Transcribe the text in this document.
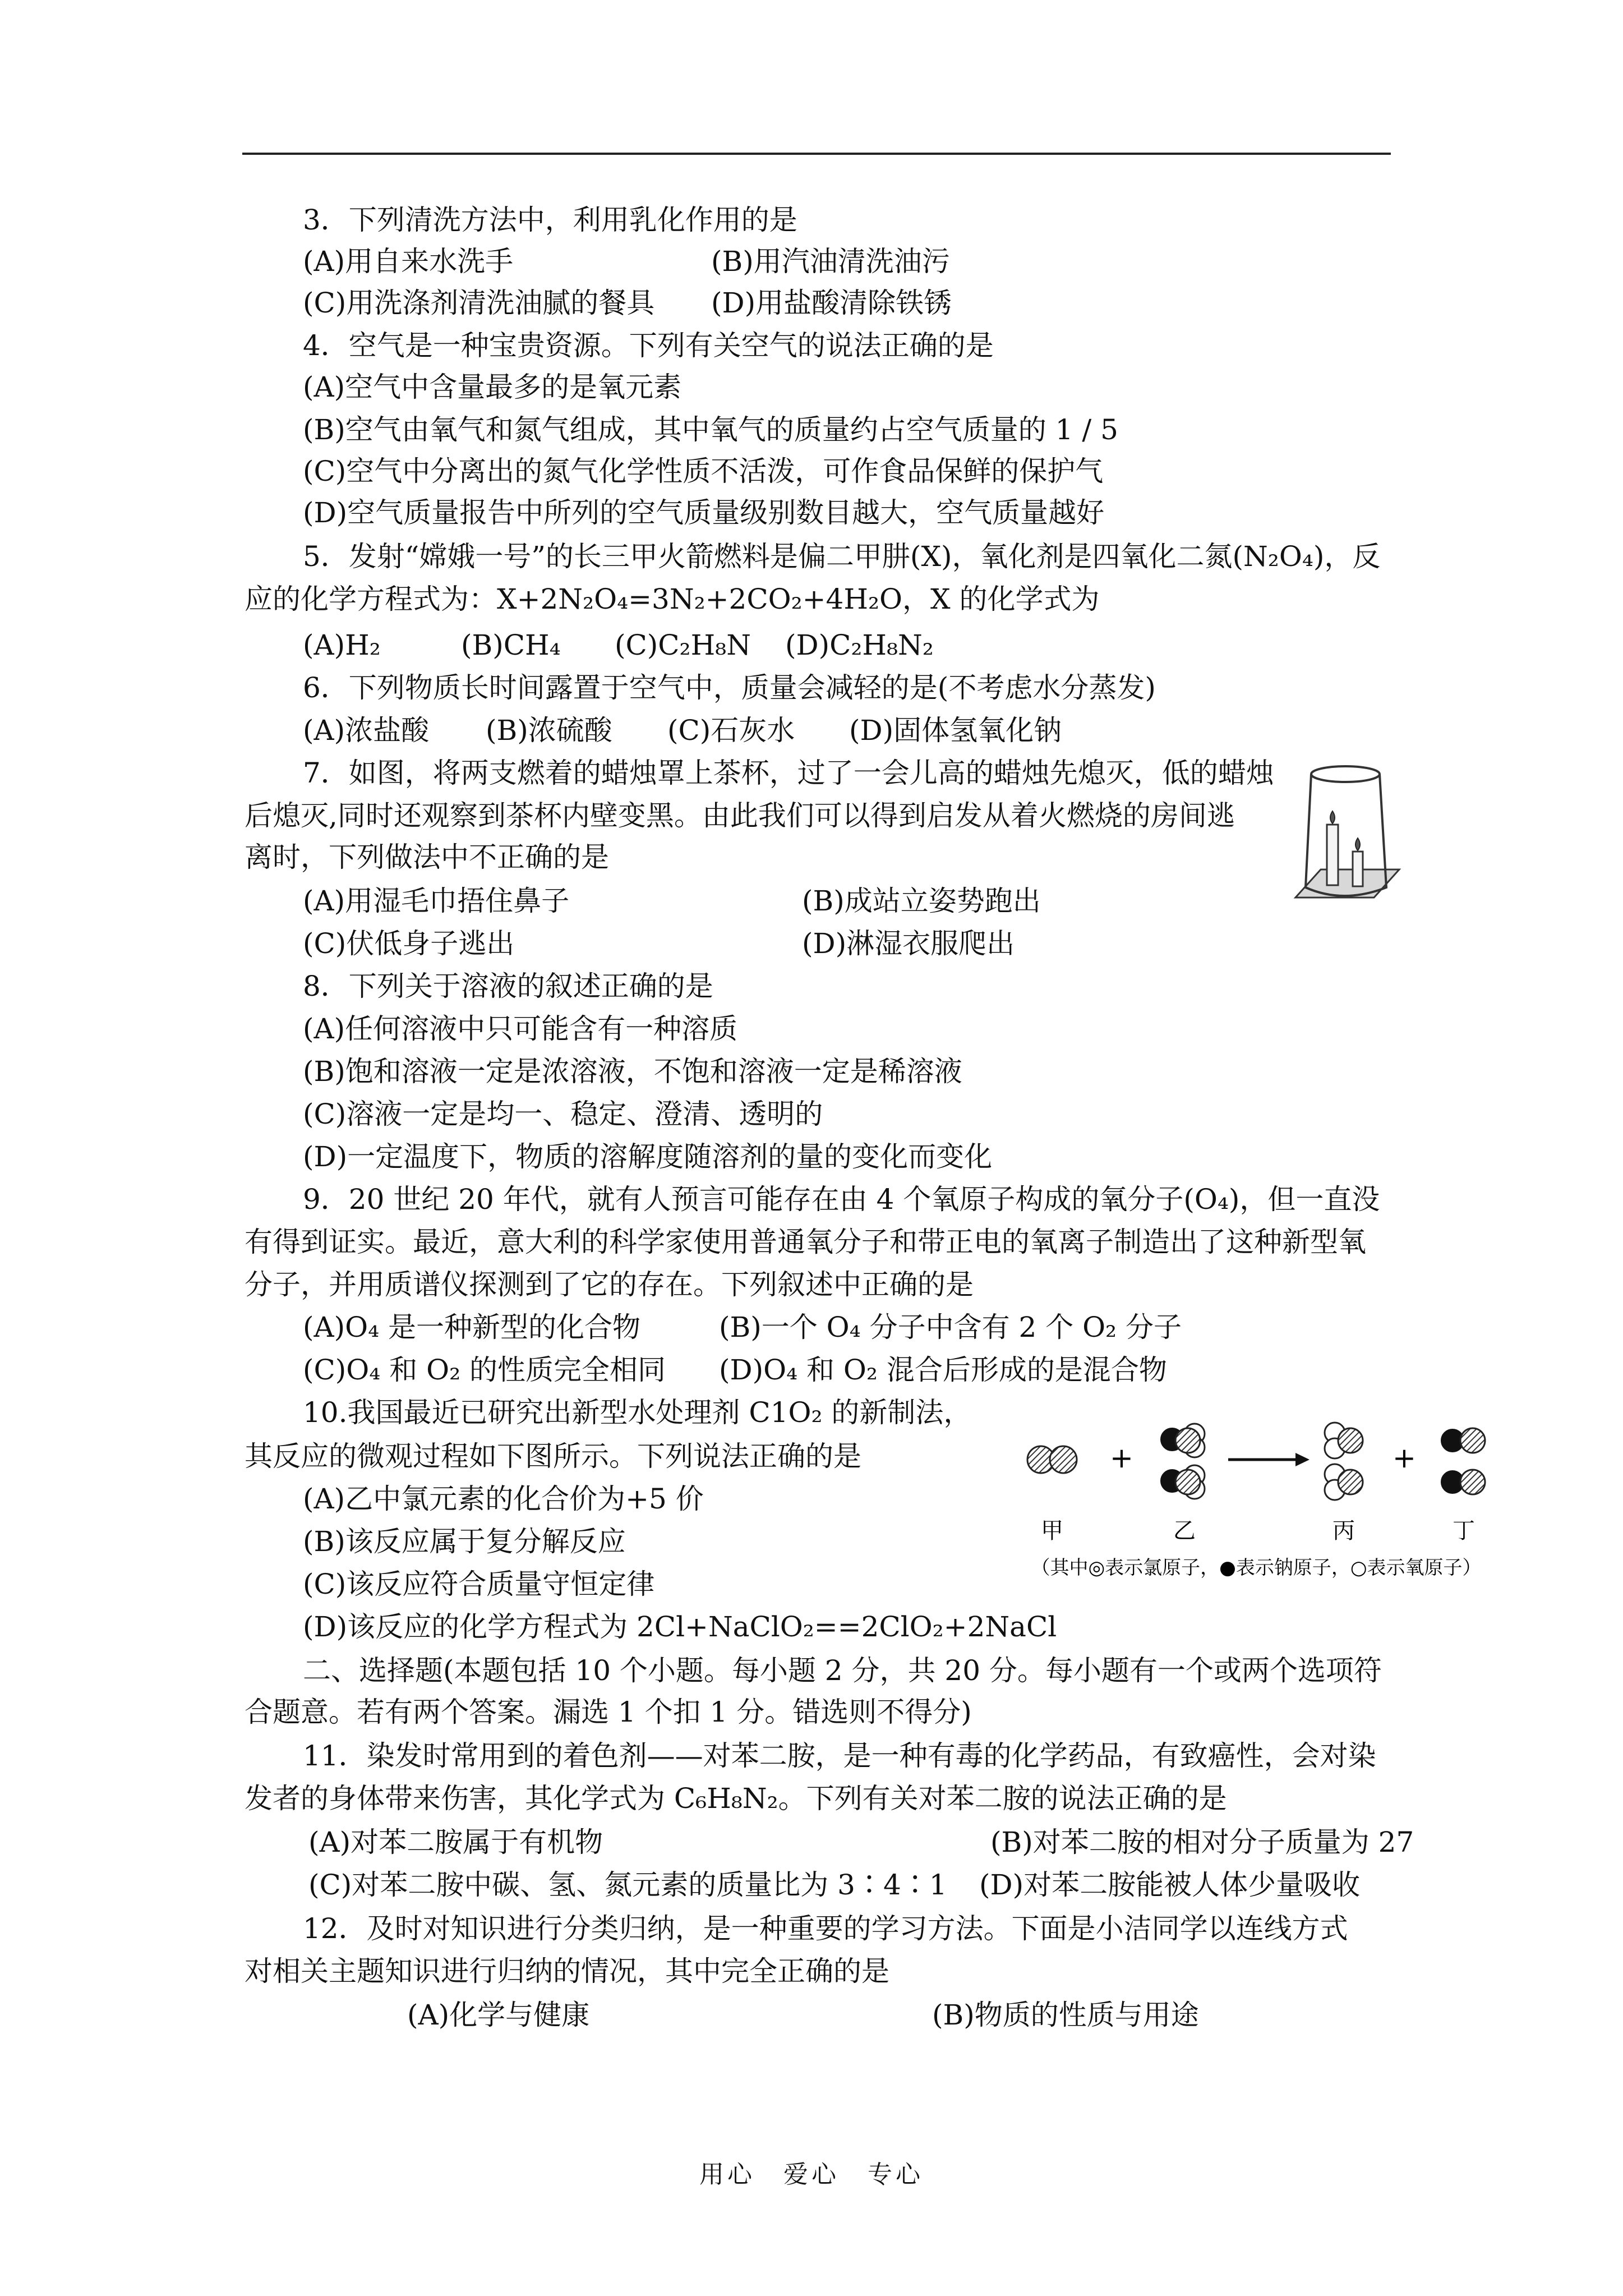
3．下列清洗方法中，利用乳化作用的是
(A)用自来水洗手	(B)用汽油清洗油污
(C)用洗涤剂清洗油腻的餐具 (D)用盐酸清除铁锈
4．空气是一种宝贵资源。下列有关空气的说法正确的是
(A)空气中含量最多的是氧元素
(B)空气由氧气和氮气组成，其中氧气的质量约占空气质量的 1 / 5
(C)空气中分离出的氮气化学性质不活泼，可作食品保鲜的保护气
(D)空气质量报告中所列的空气质量级别数目越大，空气质量越好
5．发射“嫦娥一号”的长三甲火箭燃料是偏二甲肼(X)，氧化剂是四氧化二氮(N₂O₄)，反
应的化学方程式为：X+2N₂O₄=3N₂+2CO₂+4H₂O，X 的化学式为
(A)H₂	(B)CH₄ (C)C₂H₈N (D)C₂H₈N₂
6．下列物质长时间露置于空气中，质量会减轻的是(不考虑水分蒸发)
(A)浓盐酸 (B)浓硫酸 (C)石灰水 (D)固体氢氧化钠
7．如图，将两支燃着的蜡烛罩上茶杯，过了一会儿高的蜡烛先熄灭，低的蜡烛
后熄灭,同时还观察到茶杯内壁变黑。由此我们可以得到启发从着火燃烧的房间逃
离时，下列做法中不正确的是
(A)用湿毛巾捂住鼻子	(B)成站立姿势跑出
(C)伏低身子逃出	(D)淋湿衣服爬出
8．下列关于溶液的叙述正确的是
(A)任何溶液中只可能含有一种溶质
(B)饱和溶液一定是浓溶液，不饱和溶液一定是稀溶液
(C)溶液一定是均一、稳定、澄清、透明的
(D)一定温度下，物质的溶解度随溶剂的量的变化而变化
9．20 世纪 20 年代，就有人预言可能存在由 4 个氧原子构成的氧分子(O₄)，但一直没
有得到证实。最近，意大利的科学家使用普通氧分子和带正电的氧离子制造出了这种新型氧
分子，并用质谱仪探测到了它的存在。下列叙述中正确的是
(A)O₄ 是一种新型的化合物	(B)一个 O₄ 分子中含有 2 个 O₂ 分子
(C)O₄ 和 O₂ 的性质完全相同 (D)O₄ 和 O₂ 混合后形成的是混合物
10.我国最近已研究出新型水处理剂 C1O₂ 的新制法，
其反应的微观过程如下图所示。下列说法正确的是
(A)乙中氯元素的化合价为+5 价
(B)该反应属于复分解反应
(C)该反应符合质量守恒定律
(D)该反应的化学方程式为 2Cl+NaClO₂==2ClO₂+2NaCl
+	+
甲	乙	丙	丁
（其中◎表示氯原子，●表示钠原子，○表示氧原子）
二、选择题(本题包括 10 个小题。每小题 2 分，共 20 分。每小题有一个或两个选项符
合题意。若有两个答案。漏选 1 个扣 1 分。错选则不得分)
11．染发时常用到的着色剂——对苯二胺，是一种有毒的化学药品，有致癌性，会对染
发者的身体带来伤害，其化学式为 C₆H₈N₂。下列有关对苯二胺的说法正确的是
(A)对苯二胺属于有机物	(B)对苯二胺的相对分子质量为 27
(C)对苯二胺中碳、氢、氮元素的质量比为 3∶4∶1 (D)对苯二胺能被人体少量吸收
12．及时对知识进行分类归纳，是一种重要的学习方法。下面是小洁同学以连线方式
对相关主题知识进行归纳的情况，其中完全正确的是
(A)化学与健康	(B)物质的性质与用途
用心　爱心　专心
